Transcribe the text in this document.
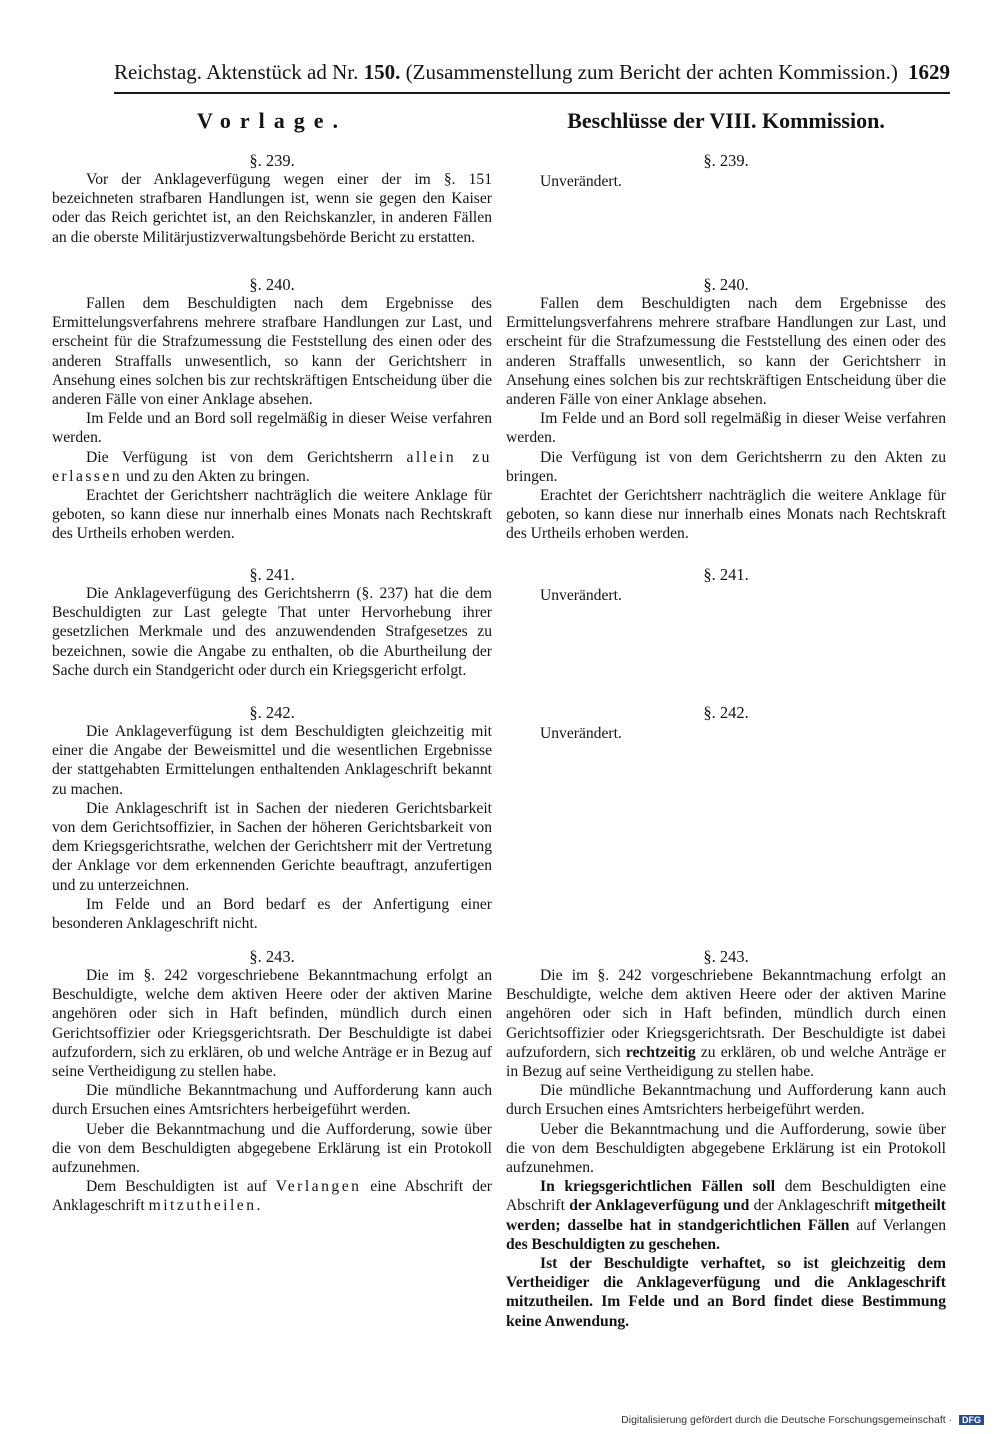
Reichstag. Aktenstück ad Nr. 150. (Zusammenstellung zum Bericht der achten Kommission.) 1629
Vorlage.

§. 239.

Vor der Anklageverfügung wegen einer der im §. 151 bezeichneten strafbaren Handlungen ist, wenn sie gegen den Kaiser oder das Reich gerichtet ist, an den Reichskanzler, in anderen Fällen an die oberste Militärjustizverwaltungsbehörde Bericht zu erstatten.

§. 240.

Fallen dem Beschuldigten nach dem Ergebnisse des Ermittelungsverfahrens mehrere strafbare Handlungen zur Last, und erscheint für die Strafzumessung die Feststellung des einen oder des anderen Straffalls unwesentlich, so kann der Gerichtsherr in Ansehung eines solchen bis zur rechtskräftigen Entscheidung über die anderen Fälle von einer Anklage absehen.

Im Felde und an Bord soll regelmäßig in dieser Weise verfahren werden.

Die Verfügung ist von dem Gerichtsherrn allein zu erlassen und zu den Akten zu bringen.

Erachtet der Gerichtsherr nachträglich die weitere Anklage für geboten, so kann diese nur innerhalb eines Monats nach Rechtskraft des Urtheils erhoben werden.

§. 241.

Die Anklageverfügung des Gerichtsherrn (§. 237) hat die dem Beschuldigten zur Last gelegte That unter Hervorhebung ihrer gesetzlichen Merkmale und des anzuwendenden Strafgesetzes zu bezeichnen, sowie die Angabe zu enthalten, ob die Aburtheilung der Sache durch ein Standgericht oder durch ein Kriegsgericht erfolgt.

§. 242.

Die Anklageverfügung ist dem Beschuldigten gleichzeitig mit einer die Angabe der Beweismittel und die wesentlichen Ergebnisse der stattgehabten Ermittelungen enthaltenden Anklageschrift bekannt zu machen.

Die Anklageschrift ist in Sachen der niederen Gerichtsbarkeit von dem Gerichtsoffizier, in Sachen der höheren Gerichtsbarkeit von dem Kriegsgerichtsrathe, welchen der Gerichtsherr mit der Vertretung der Anklage vor dem erkennenden Gerichte beauftragt, anzufertigen und zu unterzeichnen.

Im Felde und an Bord bedarf es der Anfertigung einer besonderen Anklageschrift nicht.

§. 243.

Die im §. 242 vorgeschriebene Bekanntmachung erfolgt an Beschuldigte, welche dem aktiven Heere oder der aktiven Marine angehören oder sich in Haft befinden, mündlich durch einen Gerichtsoffizier oder Kriegsgerichtsrath. Der Beschuldigte ist dabei aufzufordern, sich zu erklären, ob und welche Anträge er in Bezug auf seine Vertheidigung zu stellen habe.

Die mündliche Bekanntmachung und Aufforderung kann auch durch Ersuchen eines Amtsrichters herbeigeführt werden.

Ueber die Bekanntmachung und die Aufforderung, sowie über die von dem Beschuldigten abgegebene Erklärung ist ein Protokoll aufzunehmen.

Dem Beschuldigten ist auf Verlangen eine Abschrift der Anklageschrift mitzutheilen.

Beschlüsse der VIII. Kommission.

§. 239.

Unverändert.

§. 240.

Fallen dem Beschuldigten nach dem Ergebnisse des Ermittelungsverfahrens mehrere strafbare Handlungen zur Last, und erscheint für die Strafzumessung die Feststellung des einen oder des anderen Straffalls unwesentlich, so kann der Gerichtsherr in Ansehung eines solchen bis zur rechtskräftigen Entscheidung über die anderen Fälle von einer Anklage absehen.

Im Felde und an Bord soll regelmäßig in dieser Weise verfahren werden.

Die Verfügung ist von dem Gerichtsherrn zu den Akten zu bringen.

Erachtet der Gerichtsherr nachträglich die weitere Anklage für geboten, so kann diese nur innerhalb eines Monats nach Rechtskraft des Urtheils erhoben werden.

§. 241.

Unverändert.

§. 242.

Unverändert.

§. 243.

Die im §. 242 vorgeschriebene Bekanntmachung erfolgt an Beschuldigte, welche dem aktiven Heere oder der aktiven Marine angehören oder sich in Haft befinden, mündlich durch einen Gerichtsoffizier oder Kriegsgerichtsrath. Der Beschuldigte ist dabei aufzufordern, sich rechtzeitig zu erklären, ob und welche Anträge er in Bezug auf seine Vertheidigung zu stellen habe.

Die mündliche Bekanntmachung und Aufforderung kann auch durch Ersuchen eines Amtsrichters herbeigeführt werden.

Ueber die Bekanntmachung und die Aufforderung, sowie über die von dem Beschuldigten abgegebene Erklärung ist ein Protokoll aufzunehmen.

In kriegsgerichtlichen Fällen soll dem Beschuldigten eine Abschrift der Anklageverfügung und der Anklageschrift mitgetheilt werden; dasselbe hat in standgerichtlichen Fällen auf Verlangen des Beschuldigten zu geschehen.

Ist der Beschuldigte verhaftet, so ist gleichzeitig dem Vertheidiger die Anklageverfügung und die Anklageschrift mitzutheilen. Im Felde und an Bord findet diese Bestimmung keine Anwendung.

Digitalisierung gefördert durch die Deutsche Forschungsgemeinschaft · DFG
